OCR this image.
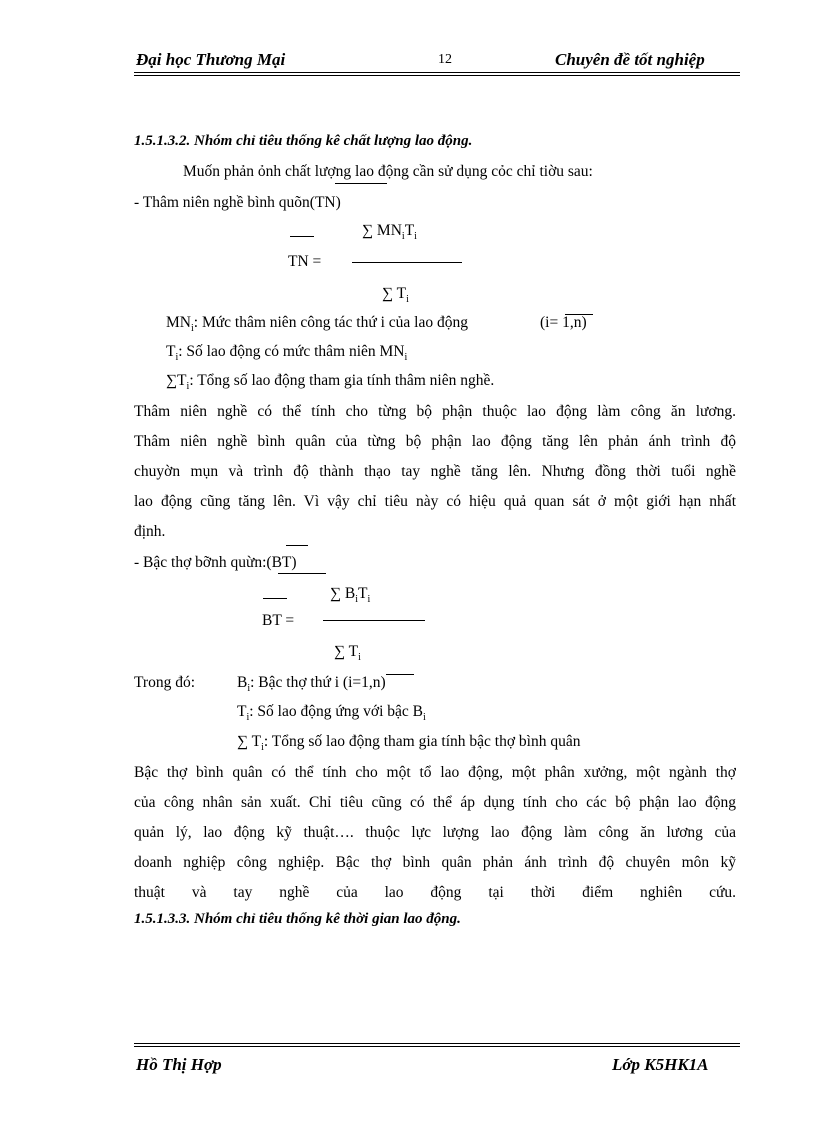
Đại học Thương Mại	12	Chuyên đề tốt nghiệp
1.5.1.3.2. Nhóm chỉ tiêu thống kê chất lượng lao động.
Muốn phản ỏnh chất lượng lao động cần sử dụng cỏc chỉ tiờu sau:
- Thâm niên nghề bình quõn(TN)
∑ $MN_iT_i$
TN =
∑ $T_i$
$MN_i$: Mức thâm niên công tác thứ i của lao động	(i= 1,n)
$T_i$: Số lao động có mức thâm niên $MN_i$
$\sum T_i$: Tổng số lao động tham gia tính thâm niên nghề.
Thâm niên nghề có thể tính cho từng bộ phận thuộc lao động làm công ăn lương.
Thâm niên nghề bình quân của từng bộ phận lao động tăng lên phản ánh trình độ
chuyờn mụn và trình độ thành thạo tay nghề tăng lên. Nhưng đồng thời tuổi nghề
lao động cũng tăng lên. Vì vậy chỉ tiêu này có hiệu quả quan sát ở một giới hạn nhất
định.
- Bậc thợ bỡnh quừn:(BT)
∑ $B_iT_i$
BT =
∑ $T_i$
Trong đó:	$B_i$: Bậc thợ thứ i (i=1,n)
$T_i$: Số lao động ứng với bậc $B_i$
∑ $T_i$: Tổng số lao động tham gia tính bậc thợ bình quân
Bậc thợ bình quân có thể tính cho một tổ lao động, một phân xưởng, một ngành thợ
của công nhân sản xuất. Chỉ tiêu cũng có thể áp dụng tính cho các bộ phận lao động
quản lý, lao động kỹ thuật…. thuộc lực lượng lao động làm công ăn lương của
doanh nghiệp công nghiệp. Bậc thợ bình quân phản ánh trình độ chuyên môn kỹ
thuật và tay nghề của lao động tại thời điểm nghiên cứu.
1.5.1.3.3. Nhóm chỉ tiêu thống kê thời gian lao động.
Hồ Thị Hợp	Lớp K5HK1A
